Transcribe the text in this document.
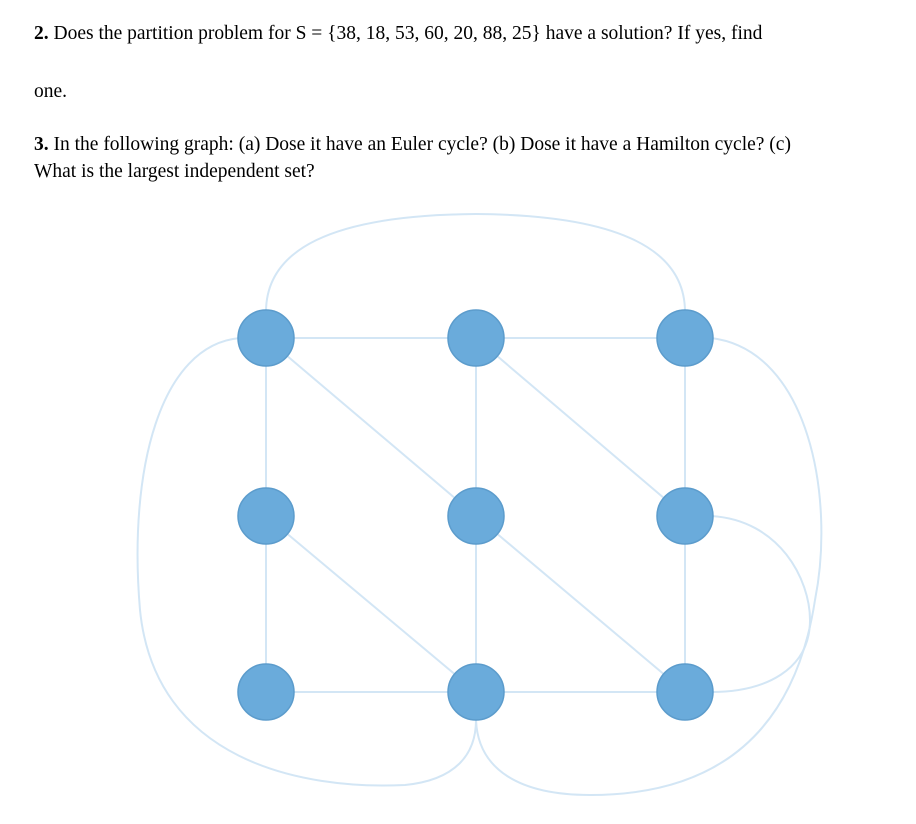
2. Does the partition problem for S = {38, 18, 53, 60, 20, 88, 25} have a solution? If yes, find

one.

3. In the following graph: (a) Dose it have an Euler cycle? (b) Dose it have a Hamilton cycle? (c)

What is the largest independent set?
